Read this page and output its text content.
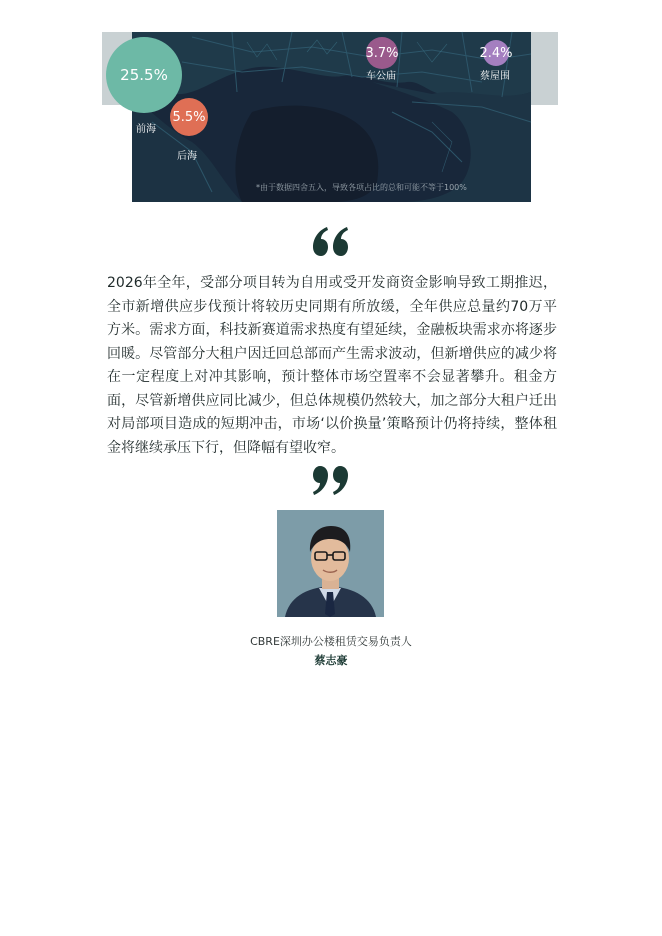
25.5%
前海
5.5%
后海
3.7%
车公庙
2.4%
蔡屋围
*由于数据四舍五入，导致各项占比的总和可能不等于100%

2026年全年，受部分项目转为自用或受开发商资金影响导致工期推迟，全市新增供应步伐预计将较历史同期有所放缓，全年供应总量约70万平方米。需求方面，科技新赛道需求热度有望延续，金融板块需求亦将逐步回暖。尽管部分大租户因迁回总部而产生需求波动，但新增供应的减少将在一定程度上对冲其影响，预计整体市场空置率不会显著攀升。租金方面，尽管新增供应同比减少，但总体规模仍然较大，加之部分大租户迁出对局部项目造成的短期冲击，市场‘以价换量’策略预计仍将持续，整体租金将继续承压下行，但降幅有望收窄。

CBRE深圳办公楼租赁交易负责人
蔡志豪
